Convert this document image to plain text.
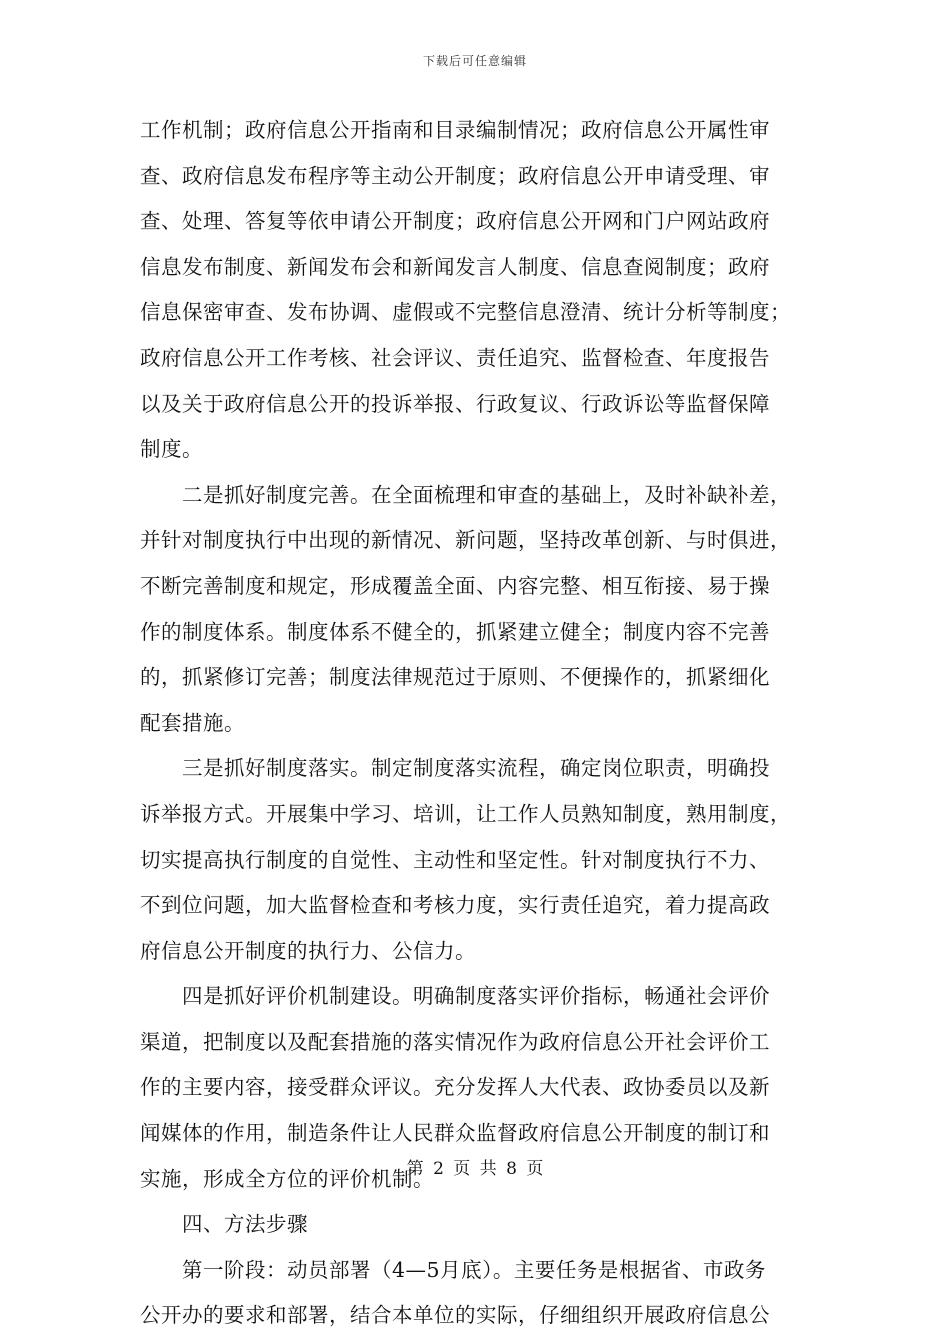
下载后可任意编辑
工作机制；政府信息公开指南和目录编制情况；政府信息公开属性审
查、政府信息发布程序等主动公开制度；政府信息公开申请受理、审
查、处理、答复等依申请公开制度；政府信息公开网和门户网站政府
信息发布制度、新闻发布会和新闻发言人制度、信息查阅制度；政府
信息保密审查、发布协调、虚假或不完整信息澄清、统计分析等制度；
政府信息公开工作考核、社会评议、责任追究、监督检查、年度报告
以及关于政府信息公开的投诉举报、行政复议、行政诉讼等监督保障
制度。
二是抓好制度完善。在全面梳理和审查的基础上，及时补缺补差，
并针对制度执行中出现的新情况、新问题，坚持改革创新、与时俱进，
不断完善制度和规定，形成覆盖全面、内容完整、相互衔接、易于操
作的制度体系。制度体系不健全的，抓紧建立健全；制度内容不完善
的，抓紧修订完善；制度法律规范过于原则、不便操作的，抓紧细化
配套措施。
三是抓好制度落实。制定制度落实流程，确定岗位职责，明确投
诉举报方式。开展集中学习、培训，让工作人员熟知制度，熟用制度，
切实提高执行制度的自觉性、主动性和坚定性。针对制度执行不力、
不到位问题，加大监督检查和考核力度，实行责任追究，着力提高政
府信息公开制度的执行力、公信力。
四是抓好评价机制建设。明确制度落实评价指标，畅通社会评价
渠道，把制度以及配套措施的落实情况作为政府信息公开社会评价工
作的主要内容，接受群众评议。充分发挥人大代表、政协委员以及新
闻媒体的作用，制造条件让人民群众监督政府信息公开制度的制订和
实施，形成全方位的评价机制。
四、方法步骤
第一阶段：动员部署（4—5月底）。主要任务是根据省、市政务
公开办的要求和部署，结合本单位的实际，仔细组织开展政府信息公
第 2 页 共 8 页
